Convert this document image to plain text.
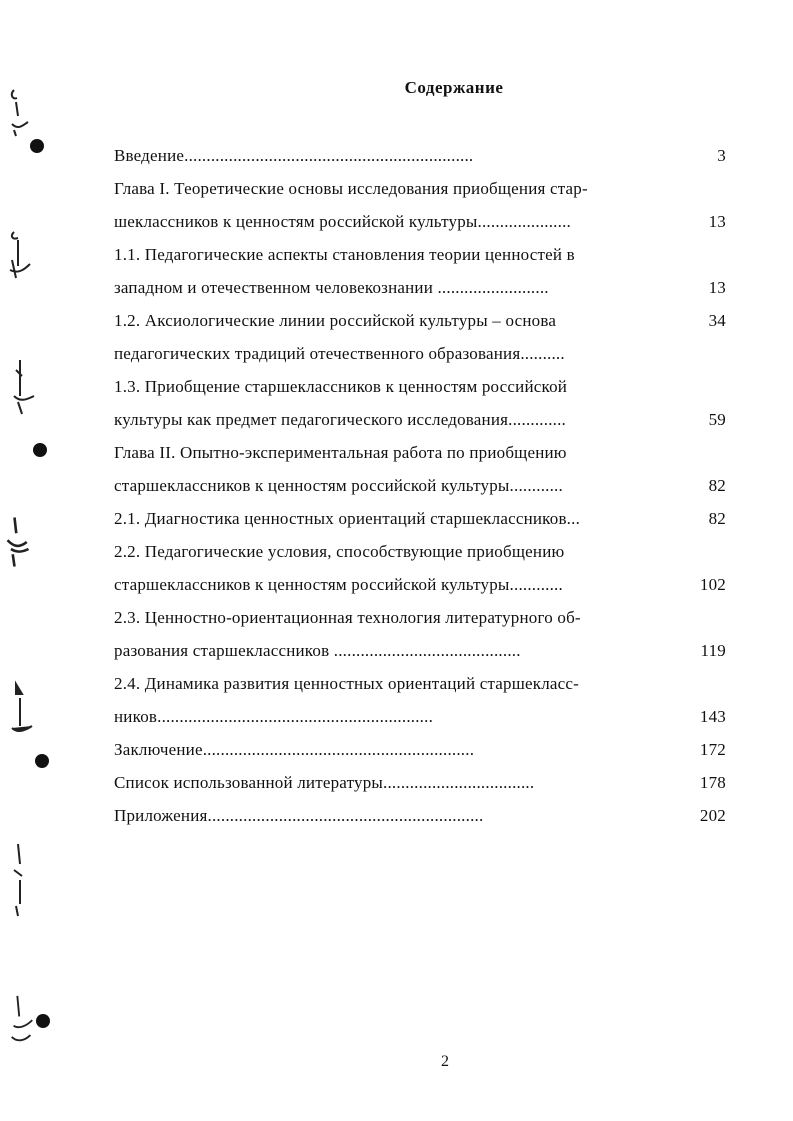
Содержание
Введение.................................................................	3
Глава I. Теоретические основы исследования приобщения стар-
шеклассников к ценностям российской культуры.....................	13
1.1. Педагогические аспекты становления теории ценностей в
западном и отечественном человекознании .........................	13
1.2. Аксиологические линии российской культуры – основа	34
педагогических традиций отечественного образования..........
1.3. Приобщение старшеклассников к ценностям российской
культуры как предмет педагогического исследования.............	59
Глава II. Опытно-экспериментальная работа по приобщению
старшеклассников к ценностям российской культуры............	82
2.1. Диагностика ценностных ориентаций старшеклассников...	82
2.2. Педагогические условия, способствующие приобщению
старшеклассников к ценностям российской культуры............	102
2.3. Ценностно-ориентационная технология литературного об-
разования старшеклассников ..........................................	119
2.4. Динамика развития ценностных ориентаций старшекласс-
ников..............................................................	143
Заключение.............................................................	172
Список использованной литературы..................................	178
Приложения..............................................................	202
2
